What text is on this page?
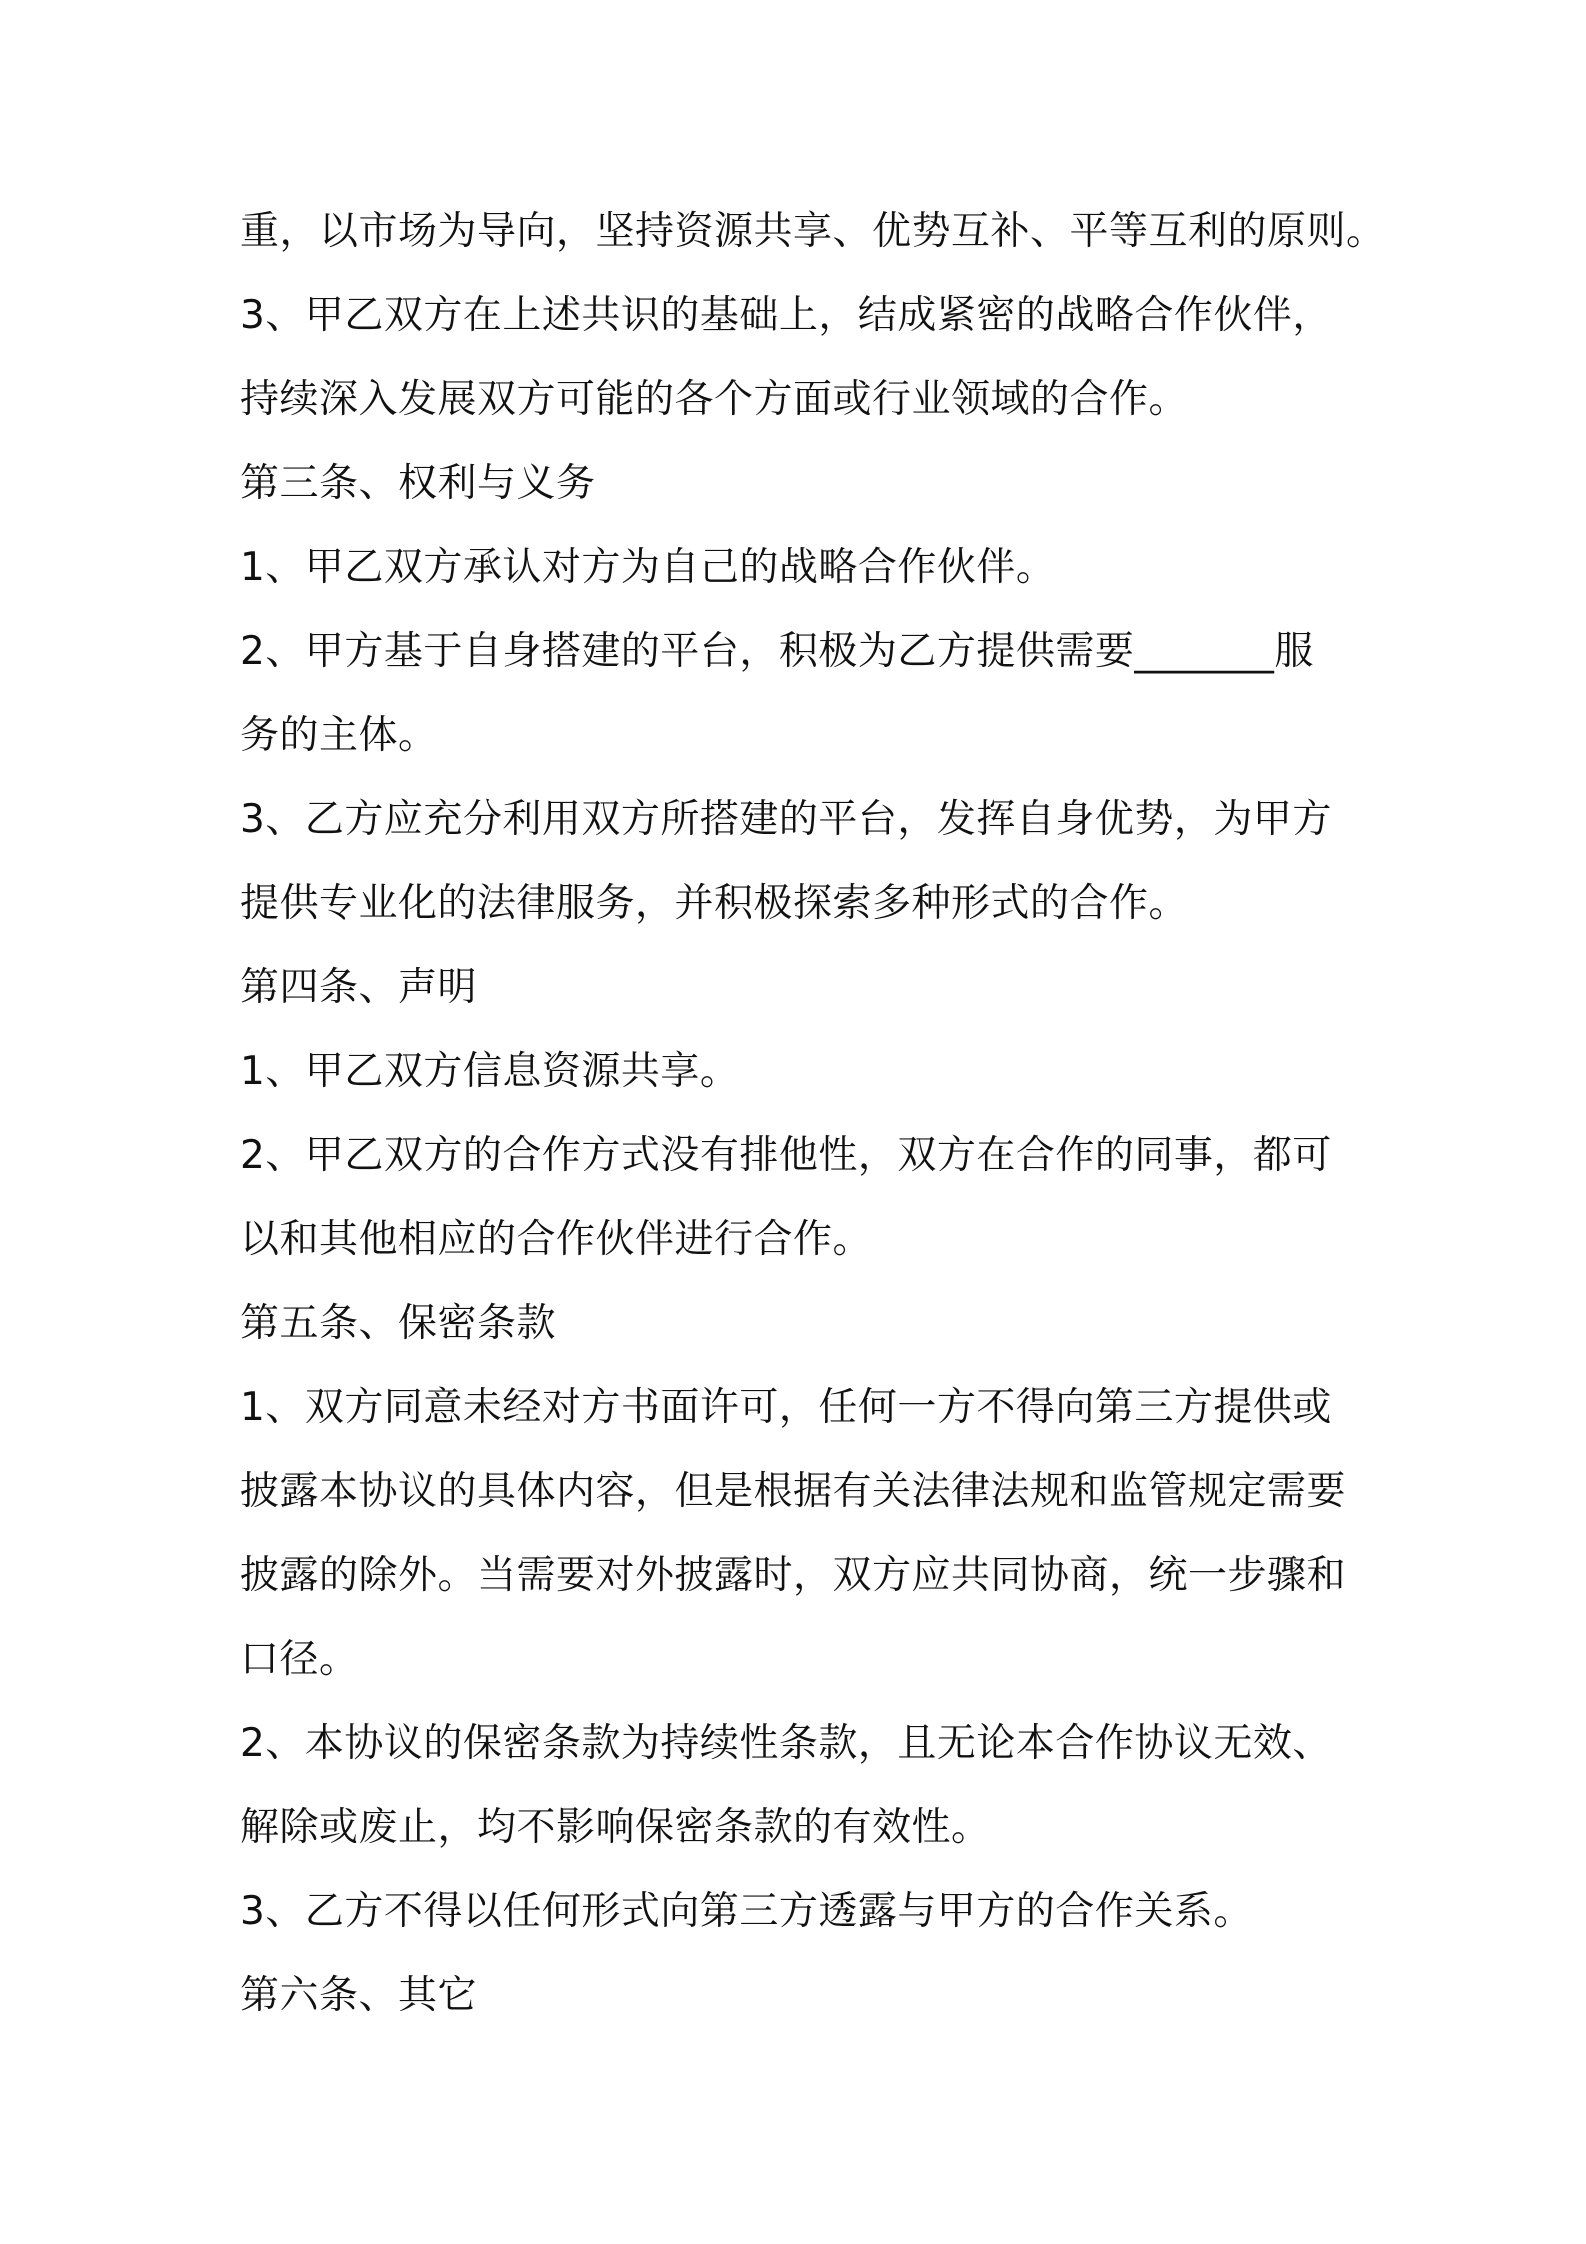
重，以市场为导向，坚持资源共享、优势互补、平等互利的原则。

3、甲乙双方在上述共识的基础上，结成紧密的战略合作伙伴，

持续深入发展双方可能的各个方面或行业领域的合作。

第三条、权利与义务

1、甲乙双方承认对方为自己的战略合作伙伴。

2、甲方基于自身搭建的平台，积极为乙方提供需要_______服

务的主体。

3、乙方应充分利用双方所搭建的平台，发挥自身优势，为甲方

提供专业化的法律服务，并积极探索多种形式的合作。

第四条、声明

1、甲乙双方信息资源共享。

2、甲乙双方的合作方式没有排他性，双方在合作的同事，都可

以和其他相应的合作伙伴进行合作。

第五条、保密条款

1、双方同意未经对方书面许可，任何一方不得向第三方提供或

披露本协议的具体内容，但是根据有关法律法规和监管规定需要

披露的除外。当需要对外披露时，双方应共同协商，统一步骤和

口径。

2、本协议的保密条款为持续性条款，且无论本合作协议无效、

解除或废止，均不影响保密条款的有效性。

3、乙方不得以任何形式向第三方透露与甲方的合作关系。

第六条、其它
